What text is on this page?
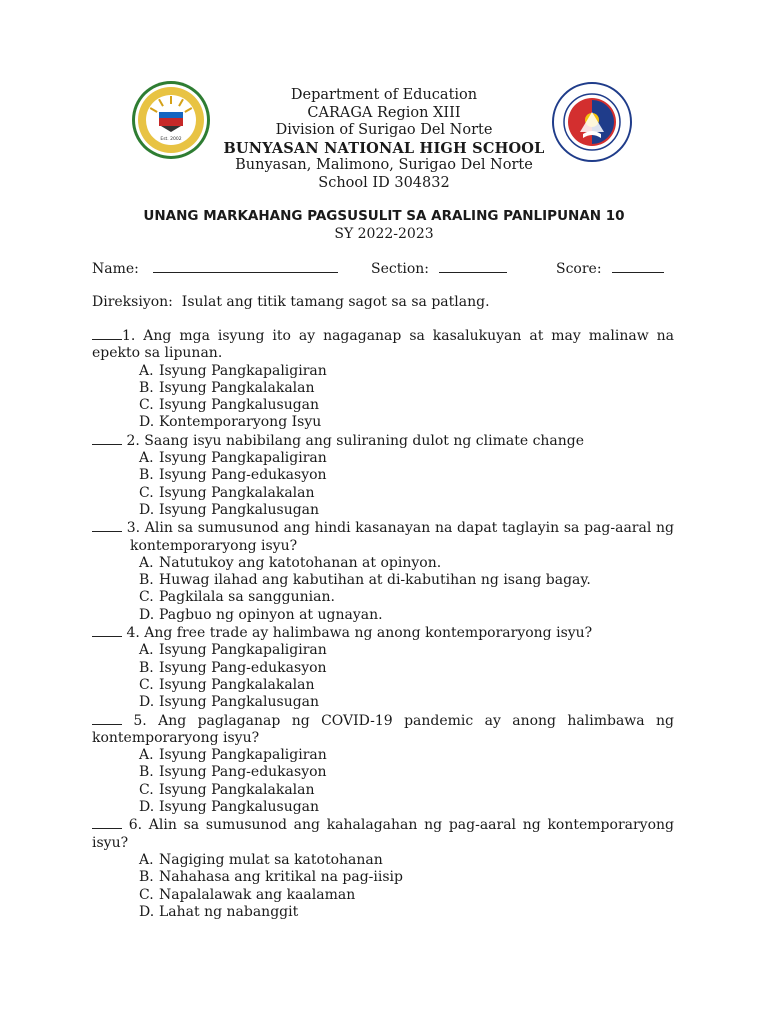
Est. 2002
Department of Education
CARAGA Region XIII
Division of Surigao Del Norte
BUNYASAN NATIONAL HIGH SCHOOL
Bunyasan, Malimono, Surigao Del Norte
School ID 304832
UNANG MARKAHANG PAGSUSULIT SA ARALING PANLIPUNAN 10
SY 2022-2023
Name:	Section:	Score:
Direksiyon:  Isulat ang titik tamang sagot sa sa patlang.
1. Ang mga isyung ito ay nagaganap sa kasalukuyan at may malinaw na epekto sa lipunan.
A. Isyung Pangkapaligiran
B. Isyung Pangkalakalan
C. Isyung Pangkalusugan
D. Kontemporaryong Isyu
2. Saang isyu nabibilang ang suliraning dulot ng climate change
A. Isyung Pangkapaligiran
B. Isyung Pang-edukasyon
C. Isyung Pangkalakalan
D. Isyung Pangkalusugan
3. Alin sa sumusunod ang hindi kasanayan na dapat taglayin sa pag-aaral ng kontemporaryong isyu?
A. Natutukoy ang katotohanan at opinyon.
B. Huwag ilahad ang kabutihan at di-kabutihan ng isang bagay.
C. Pagkilala sa sanggunian.
D. Pagbuo ng opinyon at ugnayan.
4. Ang free trade ay halimbawa ng anong kontemporaryong isyu?
A. Isyung Pangkapaligiran
B. Isyung Pang-edukasyon
C. Isyung Pangkalakalan
D. Isyung Pangkalusugan
5. Ang paglaganap ng COVID-19 pandemic ay anong halimbawa ng kontemporaryong isyu?
A. Isyung Pangkapaligiran
B. Isyung Pang-edukasyon
C. Isyung Pangkalakalan
D. Isyung Pangkalusugan
6. Alin sa sumusunod ang kahalagahan ng pag-aaral ng kontemporaryong isyu?
A. Nagiging mulat sa katotohanan
B. Nahahasa ang kritikal na pag-iisip
C. Napalalawak ang kaalaman
D. Lahat ng nabanggit
